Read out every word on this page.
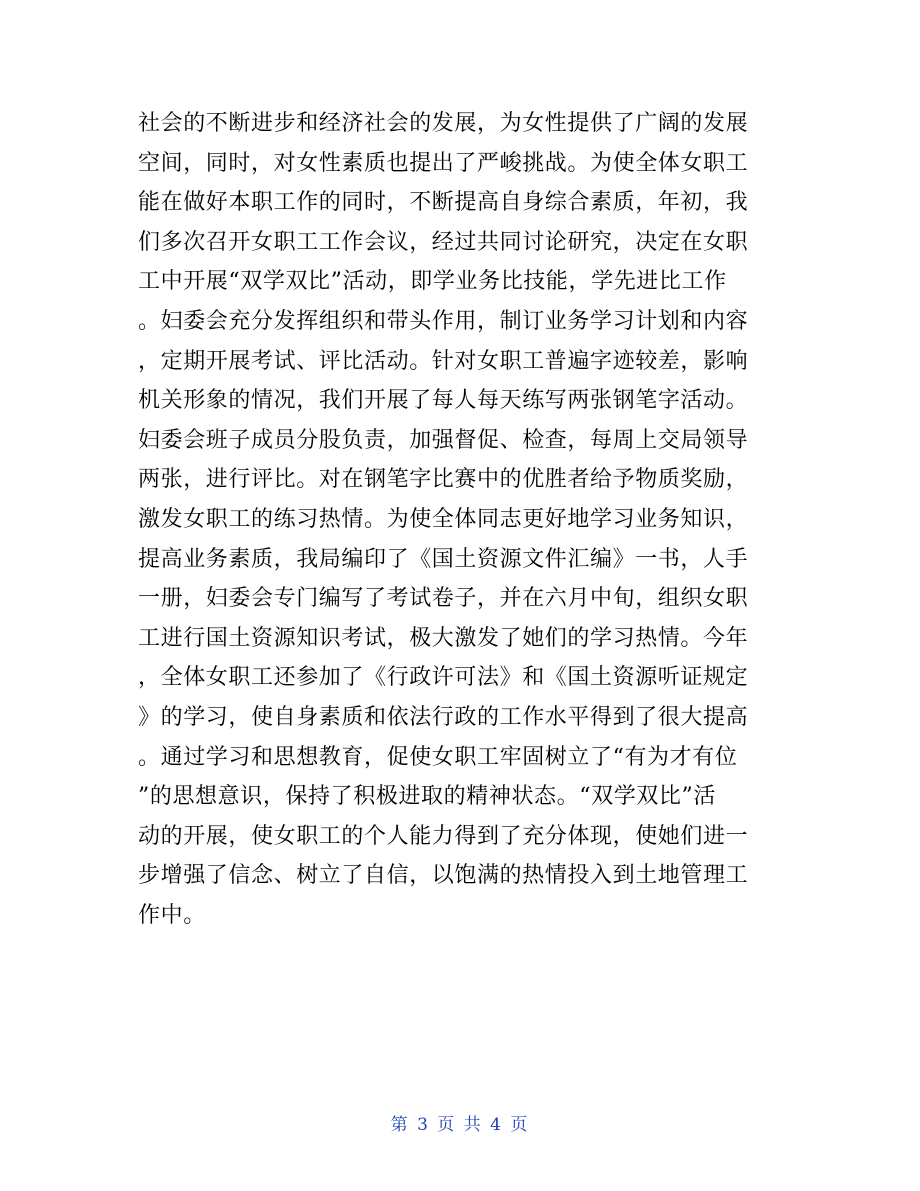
社会的不断进步和经济社会的发展，为女性提供了广阔的发展
空间，同时，对女性素质也提出了严峻挑战。为使全体女职工
能在做好本职工作的同时，不断提高自身综合素质，年初，我
们多次召开女职工工作会议，经过共同讨论研究，决定在女职
工中开展“双学双比”活动，即学业务比技能，学先进比工作
。妇委会充分发挥组织和带头作用，制订业务学习计划和内容
，定期开展考试、评比活动。针对女职工普遍字迹较差，影响
机关形象的情况，我们开展了每人每天练写两张钢笔字活动。
妇委会班子成员分股负责，加强督促、检查，每周上交局领导
两张，进行评比。对在钢笔字比赛中的优胜者给予物质奖励，
激发女职工的练习热情。为使全体同志更好地学习业务知识，
提高业务素质，我局编印了《国土资源文件汇编》一书，人手
一册，妇委会专门编写了考试卷子，并在六月中旬，组织女职
工进行国土资源知识考试，极大激发了她们的学习热情。今年
，全体女职工还参加了《行政许可法》和《国土资源听证规定
》的学习，使自身素质和依法行政的工作水平得到了很大提高
。通过学习和思想教育，促使女职工牢固树立了“有为才有位
”的思想意识，保持了积极进取的精神状态。“双学双比”活
动的开展，使女职工的个人能力得到了充分体现，使她们进一
步增强了信念、树立了自信，以饱满的热情投入到土地管理工
作中。
第 3 页 共 4 页
